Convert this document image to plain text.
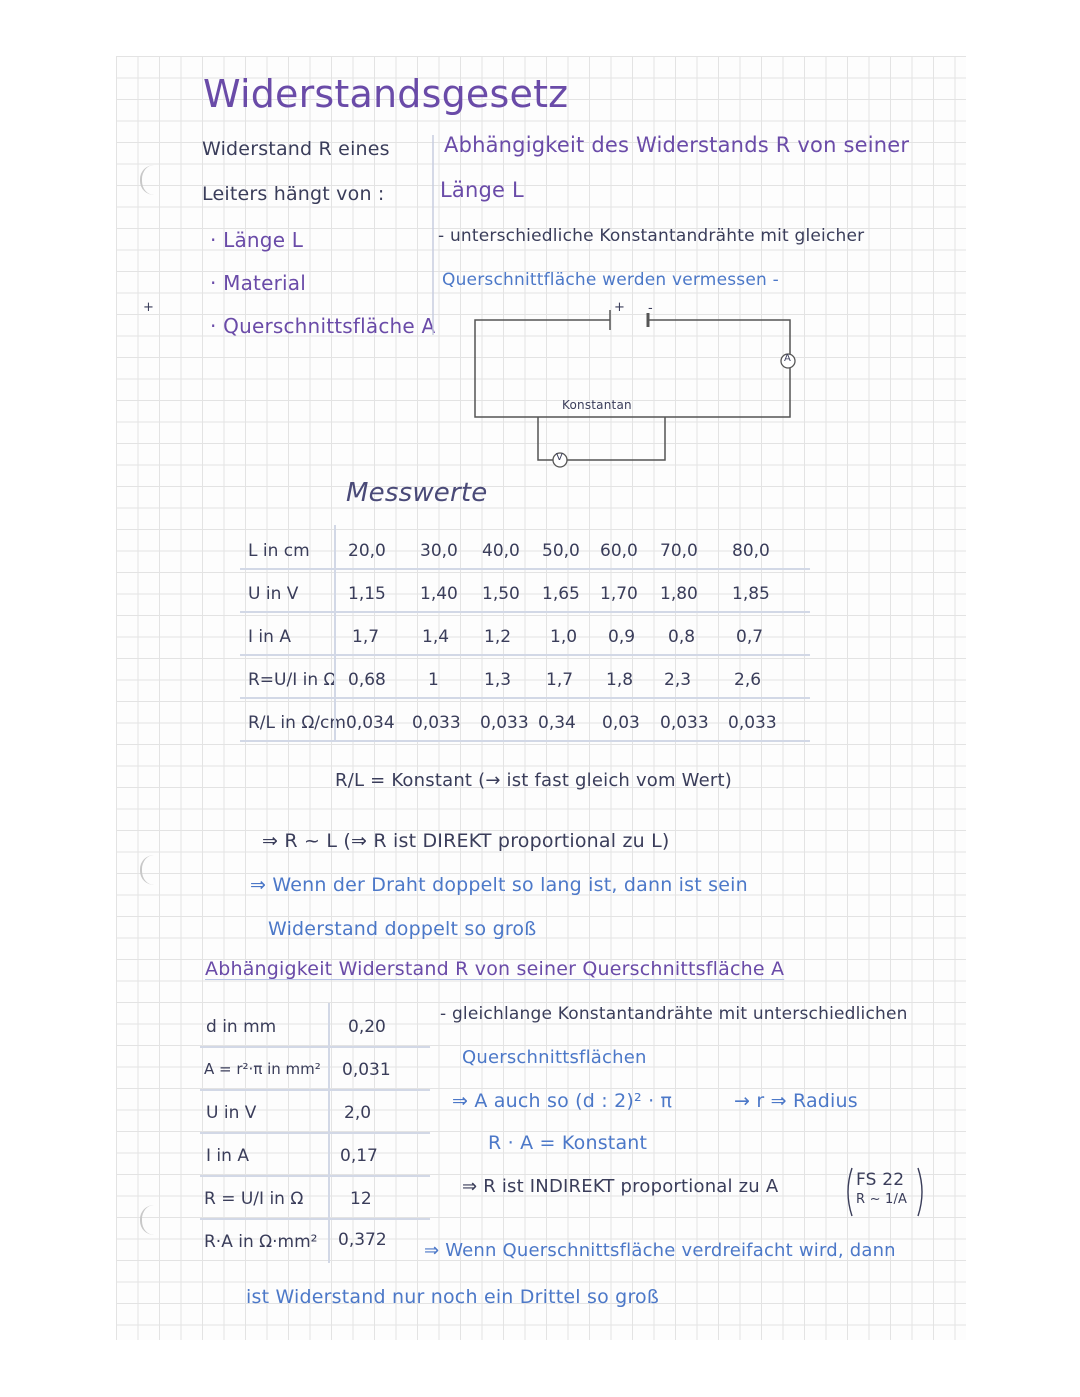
Widerstandsgesetz
Widerstand R eines
Leiters hängt von :
· Länge L
· Material
· Querschnittsfläche A
Abhängigkeit des Widerstands R von seiner
Länge L
- unterschiedliche Konstantandrähte mit gleicher
Querschnittfläche werden vermessen -
+	+ -
A
V
Konstantan
Messwerte
L in cm 20,0 30,0 40,0 50,0 60,0 70,0 80,0
U in V	1,15 1,40 1,50 1,65 1,70 1,80 1,85
I in A	1,7	1,4 1,2 1,0 0,9 0,8 0,7
R=U/I in Ω 0,68 1	1,3 1,7 1,8 2,3	2,6
R/L in Ω/cm 0,034 0,033 0,033 0,34 0,03 0,033 0,033
R/L = Konstant (→ ist fast gleich vom Wert)
⇒ R ~ L (⇒ R ist DIREKT proportional zu L)
⇒ Wenn der Draht doppelt so lang ist, dann ist sein
Widerstand doppelt so groß
Abhängigkeit Widerstand R von seiner Querschnittsfläche A
d in mm	0,20
A = r²·π in mm² 0,031
U in V	2,0
I in A	0,17
R = U/I in Ω	12
R·A in Ω·mm² 0,372
- gleichlange Konstantandrähte mit unterschiedlichen
Querschnittsflächen
⇒ A auch so (d : 2)² · π	→ r ⇒ Radius
R · A = Konstant
⇒ R ist INDIREKT proportional zu A	FS 22
R ~ 1/A
⇒ Wenn Querschnittsfläche verdreifacht wird, dann
ist Widerstand nur noch ein Drittel so groß
